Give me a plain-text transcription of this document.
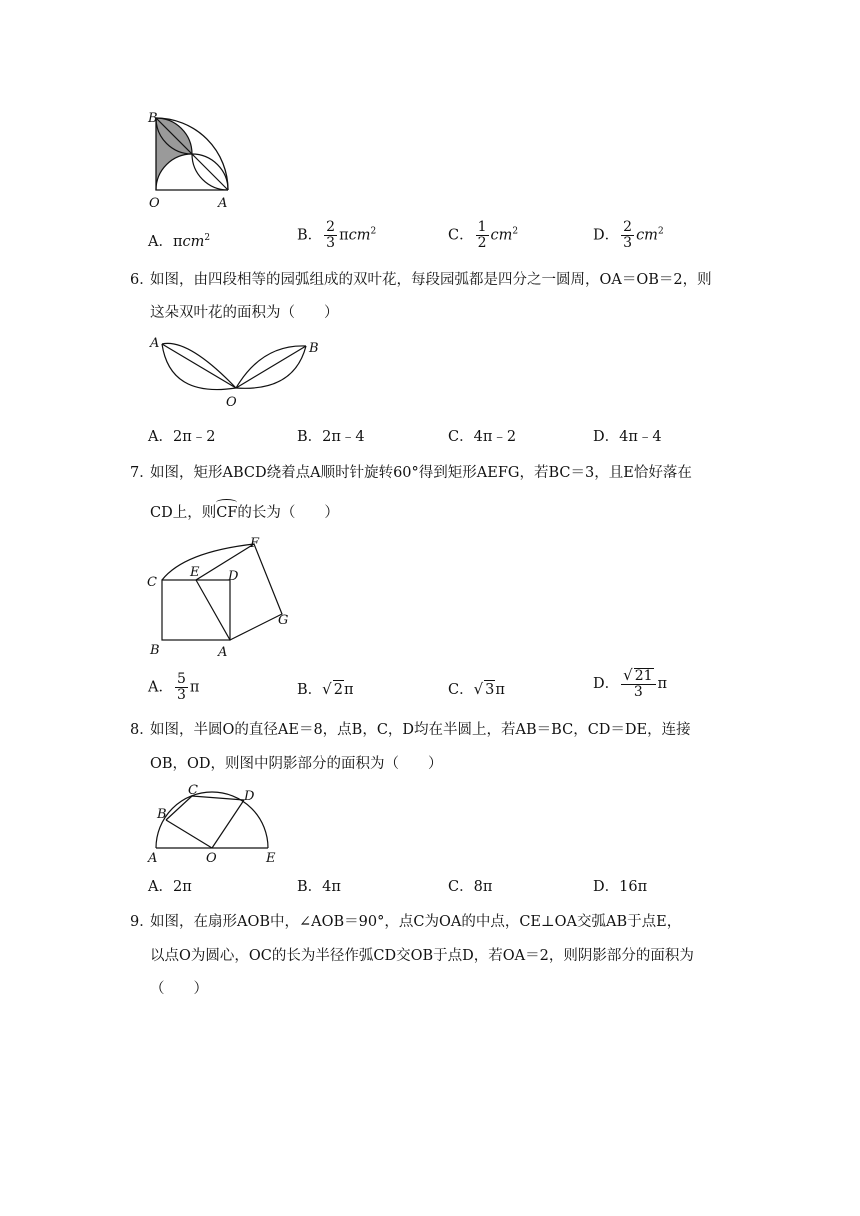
B
O	A
A．πcm$^2$	B． $\frac{2}{3} \pi cm^2$	C． $\frac{1}{2} cm^2$	D． $\frac{2}{3} cm^2$
6．
如图，由四段相等的园弧组成的双叶花，每段园弧都是四分之一圆周，OA＝OB＝2，则
这朵双叶花的面积为（　　）
A	B
O
A．2π﹣2	B．2π﹣4	C．4π﹣2	D．4π﹣4
7．
如图，矩形ABCD绕着点A顺时针旋转60°得到矩形AEFG，若BC＝3，且E恰好落在
CD上，则CF的长为（　　）
C
E D
F
G
B	A
A． $\frac{5}{3}$ π	B．√ 2π	C．√ 3π	D． $\frac{√ 21}{3}$ π
8．
如图，半圆O的直径AE＝8，点B，C，D均在半圆上，若AB＝BC，CD＝DE，连接
OB，OD，则图中阴影部分的面积为（　　）
B
C	D
A	O	E
A．2π	B．4π	C．8π	D．16π
9．
如图，在扇形AOB中，∠AOB＝90°，点C为OA的中点，CE⊥OA交弧AB于点E，
以点O为圆心，OC的长为半径作弧CD交OB于点D，若OA＝2，则阴影部分的面积为
（　　）
